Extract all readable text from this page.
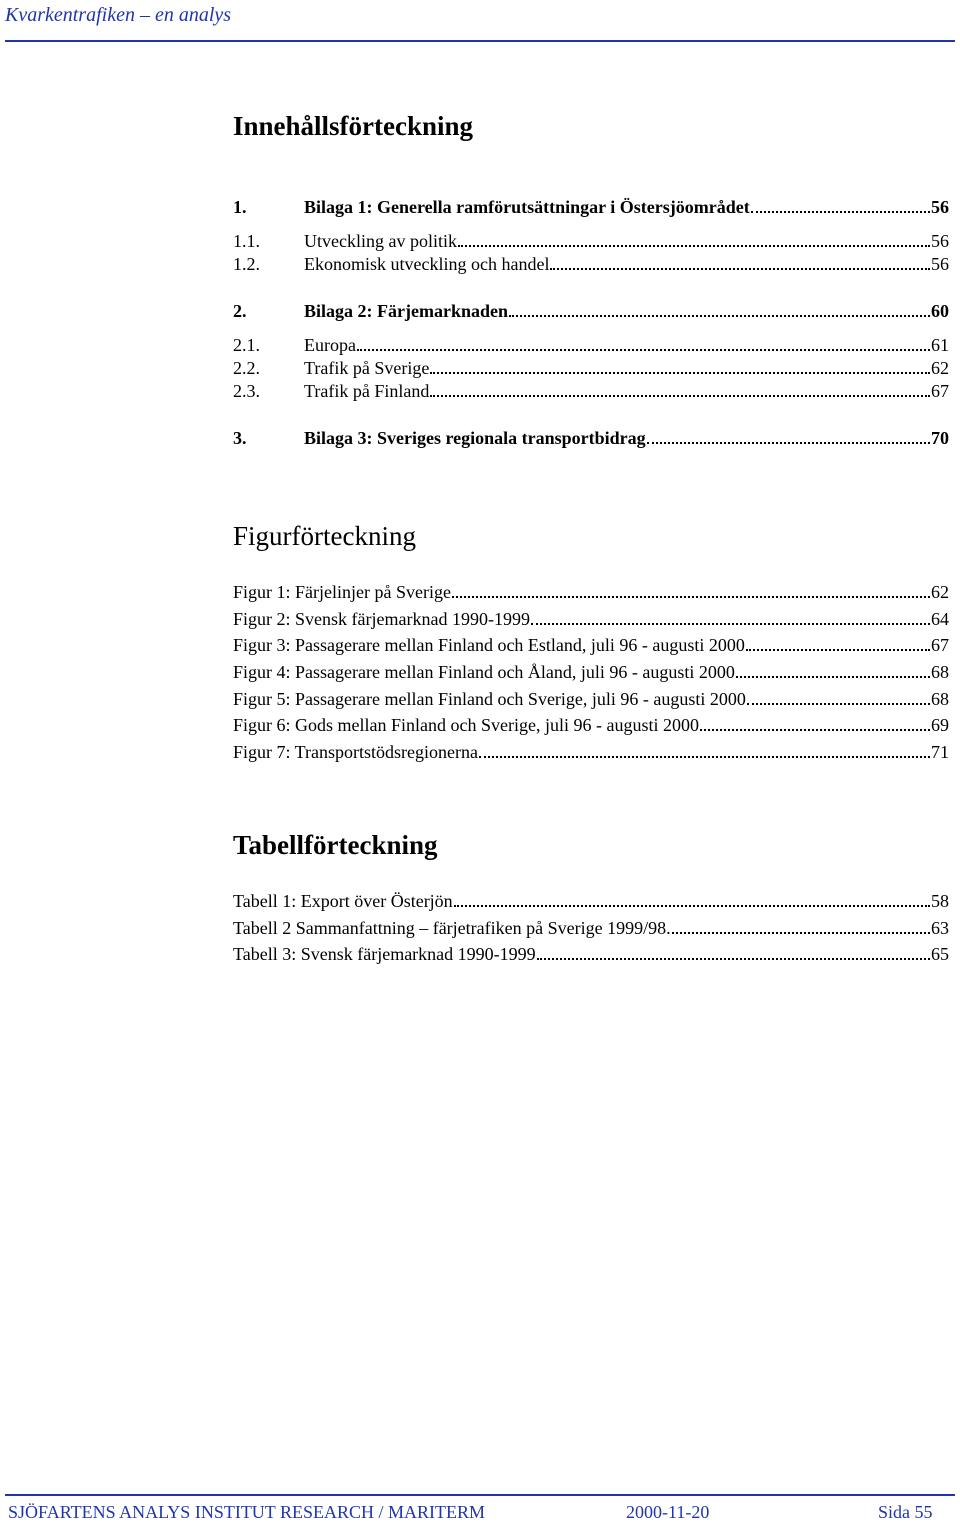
Kvarkentrafiken – en analys
Innehållsförteckning
1.	Bilaga 1: Generella ramförutsättningar i Östersjöområdet	56
1.1.	Utveckling av politik	56
1.2.	Ekonomisk utveckling och handel	56
2.	Bilaga 2: Färjemarknaden	60
2.1.	Europa	61
2.2.	Trafik på Sverige	62
2.3.	Trafik på Finland	67
3.	Bilaga 3: Sveriges regionala transportbidrag	70
Figurförteckning
Figur 1: Färjelinjer på Sverige	62
Figur 2: Svensk färjemarknad 1990-1999	64
Figur 3: Passagerare mellan Finland och Estland, juli 96 - augusti 2000	67
Figur 4: Passagerare mellan Finland och Åland, juli 96 - augusti 2000	68
Figur 5: Passagerare mellan Finland och Sverige, juli 96 - augusti 2000	68
Figur 6: Gods mellan Finland och Sverige, juli 96 - augusti 2000	69
Figur 7: Transportstödsregionerna	71
Tabellförteckning
Tabell 1: Export över Österjön	58
Tabell 2 Sammanfattning – färjetrafiken på Sverige 1999/98.	63
Tabell 3: Svensk färjemarknad 1990-1999	65
SJÖFARTENS ANALYS INSTITUT RESEARCH / MARITERM	2000-11-20	Sida 55
